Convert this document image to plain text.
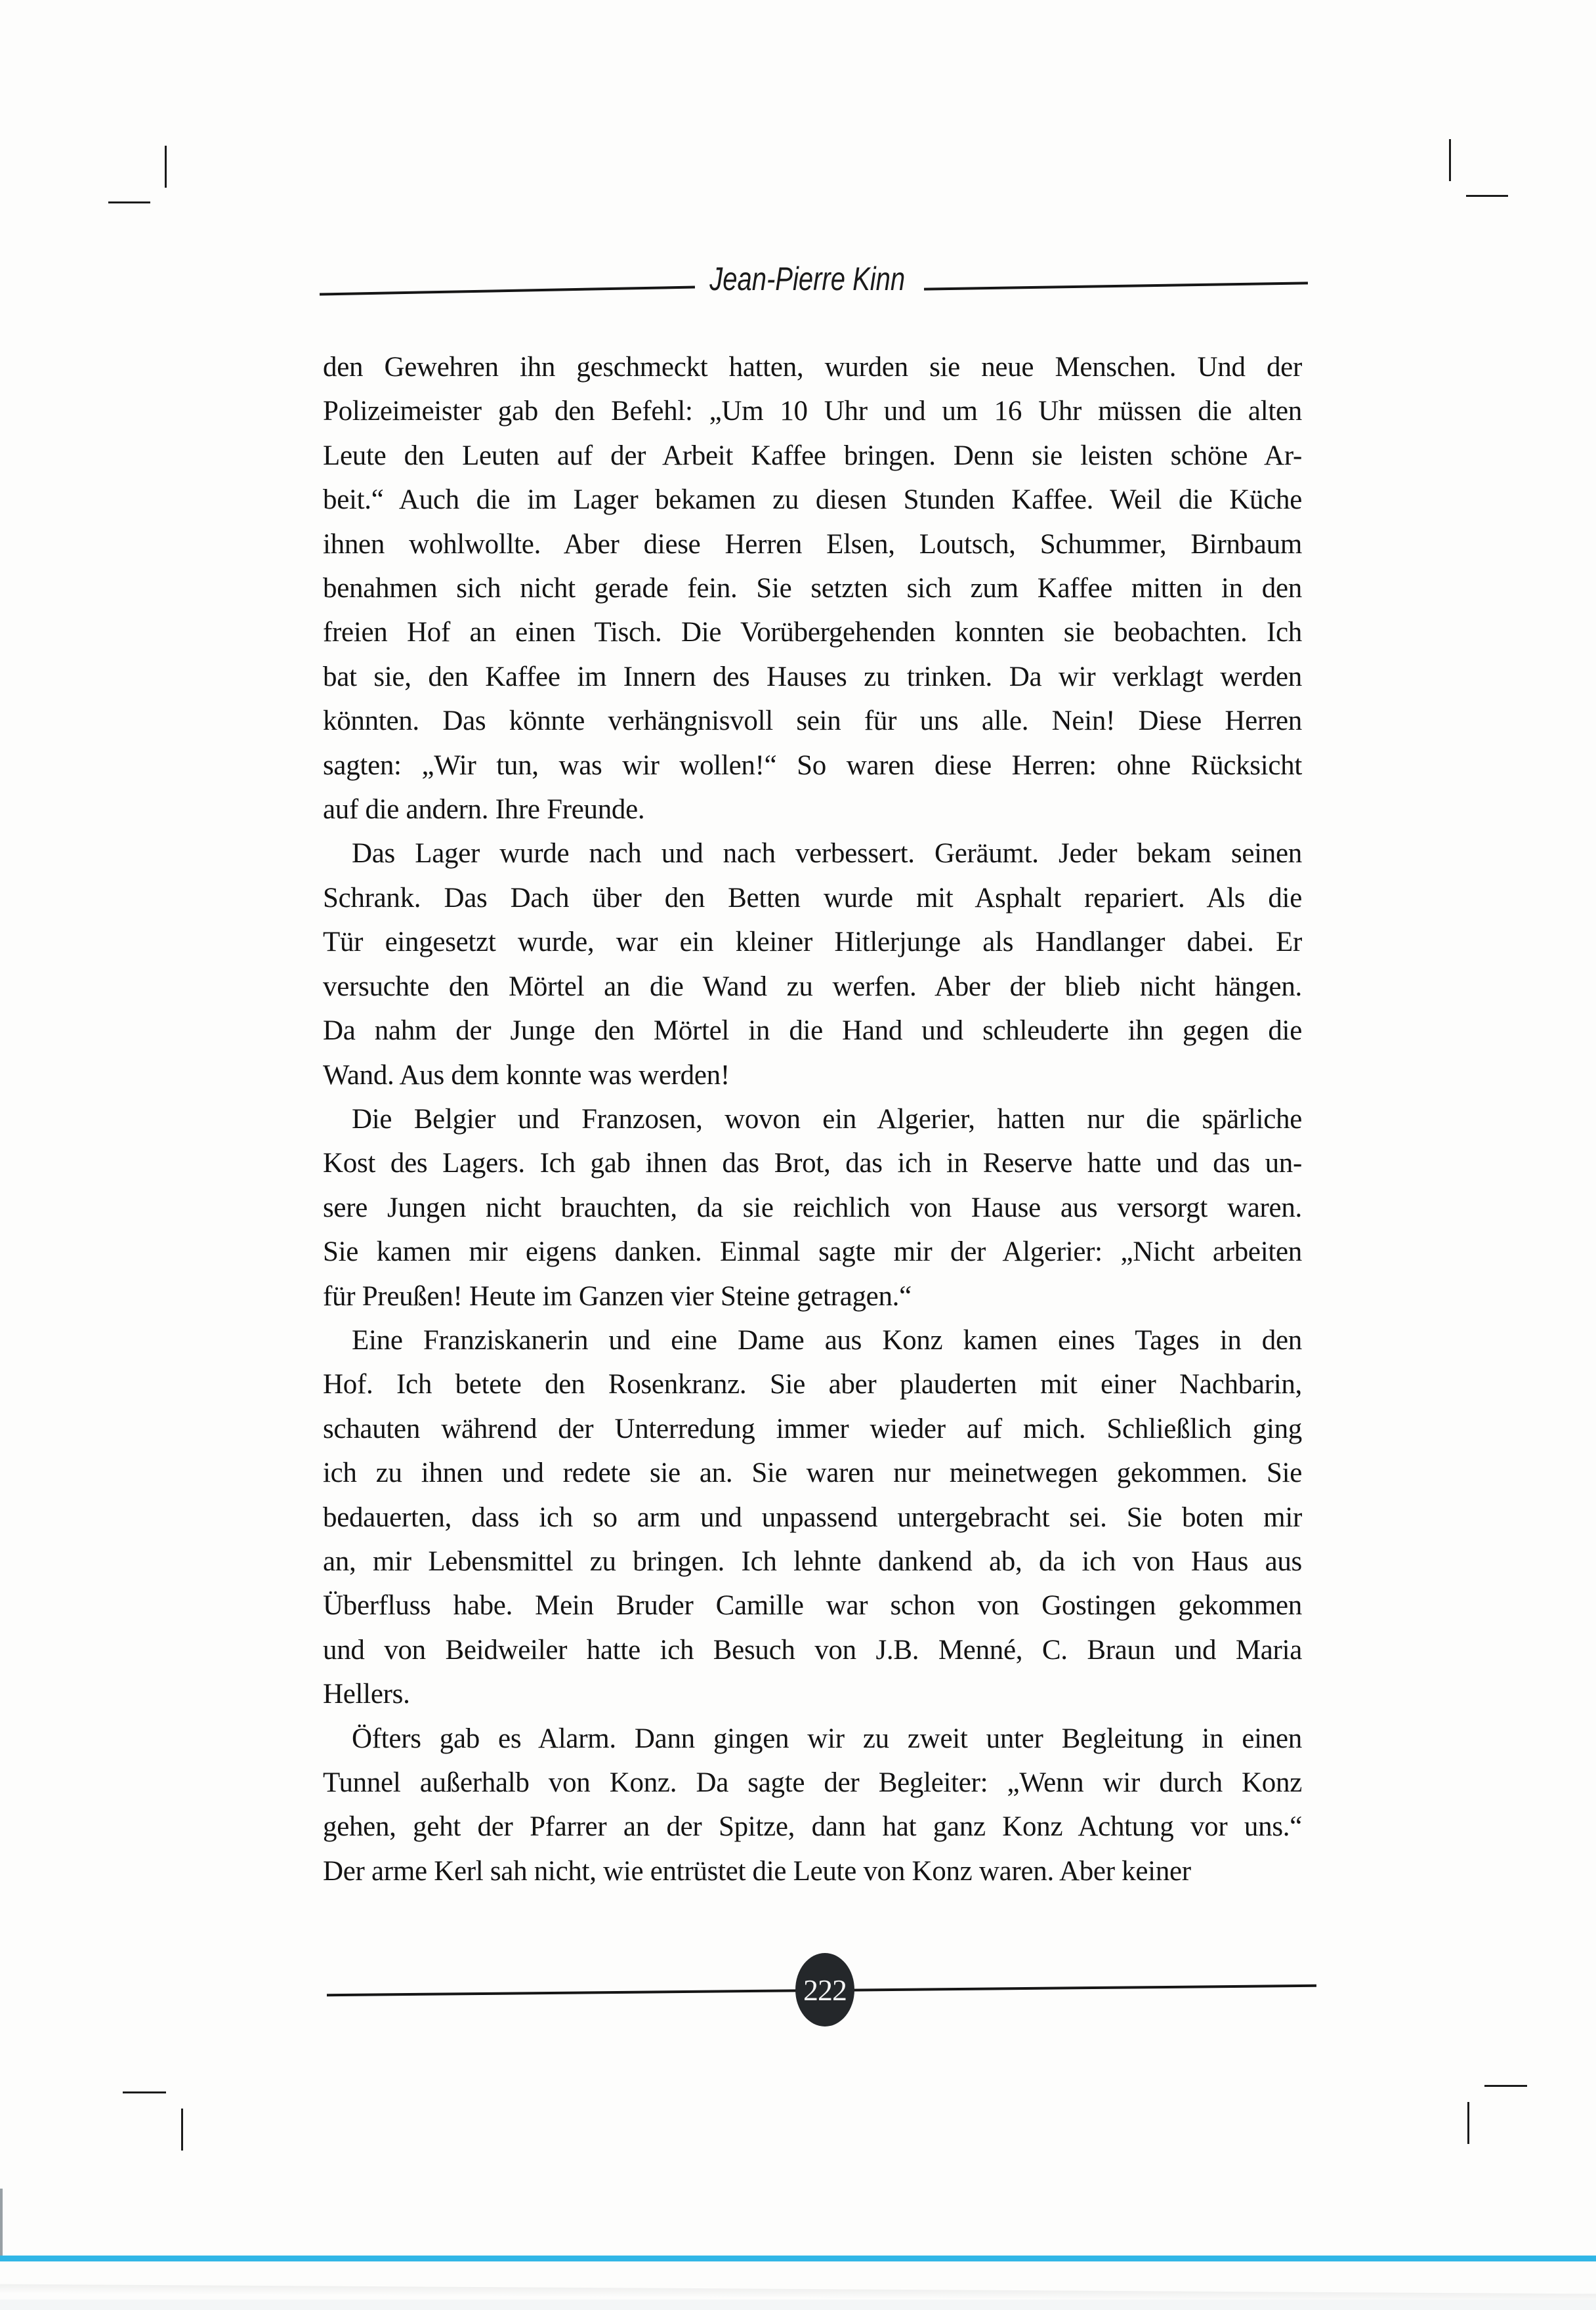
Jean-Pierre Kinn
den Gewehren ihn geschmeckt hatten, wurden sie neue Menschen. Und der
Polizeimeister gab den Befehl: „Um 10 Uhr und um 16 Uhr müssen die alten
Leute den Leuten auf der Arbeit Kaffee bringen. Denn sie leisten schöne Ar-
beit.“ Auch die im Lager bekamen zu diesen Stunden Kaffee. Weil die Küche
ihnen wohlwollte. Aber diese Herren Elsen, Loutsch, Schummer, Birnbaum
benahmen sich nicht gerade fein. Sie setzten sich zum Kaffee mitten in den
freien Hof an einen Tisch. Die Vorübergehenden konnten sie beobachten. Ich
bat sie, den Kaffee im Innern des Hauses zu trinken. Da wir verklagt werden
könnten. Das könnte verhängnisvoll sein für uns alle. Nein! Diese Herren
sagten: „Wir tun, was wir wollen!“ So waren diese Herren: ohne Rücksicht
auf die andern. Ihre Freunde.
Das Lager wurde nach und nach verbessert. Geräumt. Jeder bekam seinen
Schrank. Das Dach über den Betten wurde mit Asphalt repariert. Als die
Tür eingesetzt wurde, war ein kleiner Hitlerjunge als Handlanger dabei. Er
versuchte den Mörtel an die Wand zu werfen. Aber der blieb nicht hängen.
Da nahm der Junge den Mörtel in die Hand und schleuderte ihn gegen die
Wand. Aus dem konnte was werden!
Die Belgier und Franzosen, wovon ein Algerier, hatten nur die spärliche
Kost des Lagers. Ich gab ihnen das Brot, das ich in Reserve hatte und das un-
sere Jungen nicht brauchten, da sie reichlich von Hause aus versorgt waren.
Sie kamen mir eigens danken. Einmal sagte mir der Algerier: „Nicht arbeiten
für Preußen! Heute im Ganzen vier Steine getragen.“
Eine Franziskanerin und eine Dame aus Konz kamen eines Tages in den
Hof. Ich betete den Rosenkranz. Sie aber plauderten mit einer Nachbarin,
schauten während der Unterredung immer wieder auf mich. Schließlich ging
ich zu ihnen und redete sie an. Sie waren nur meinetwegen gekommen. Sie
bedauerten, dass ich so arm und unpassend untergebracht sei. Sie boten mir
an, mir Lebensmittel zu bringen. Ich lehnte dankend ab, da ich von Haus aus
Überfluss habe. Mein Bruder Camille war schon von Gostingen gekommen
und von Beidweiler hatte ich Besuch von J.B. Menné, C. Braun und Maria
Hellers.
Öfters gab es Alarm. Dann gingen wir zu zweit unter Begleitung in einen
Tunnel außerhalb von Konz. Da sagte der Begleiter: „Wenn wir durch Konz
gehen, geht der Pfarrer an der Spitze, dann hat ganz Konz Achtung vor uns.“
Der arme Kerl sah nicht, wie entrüstet die Leute von Konz waren. Aber keiner
222
